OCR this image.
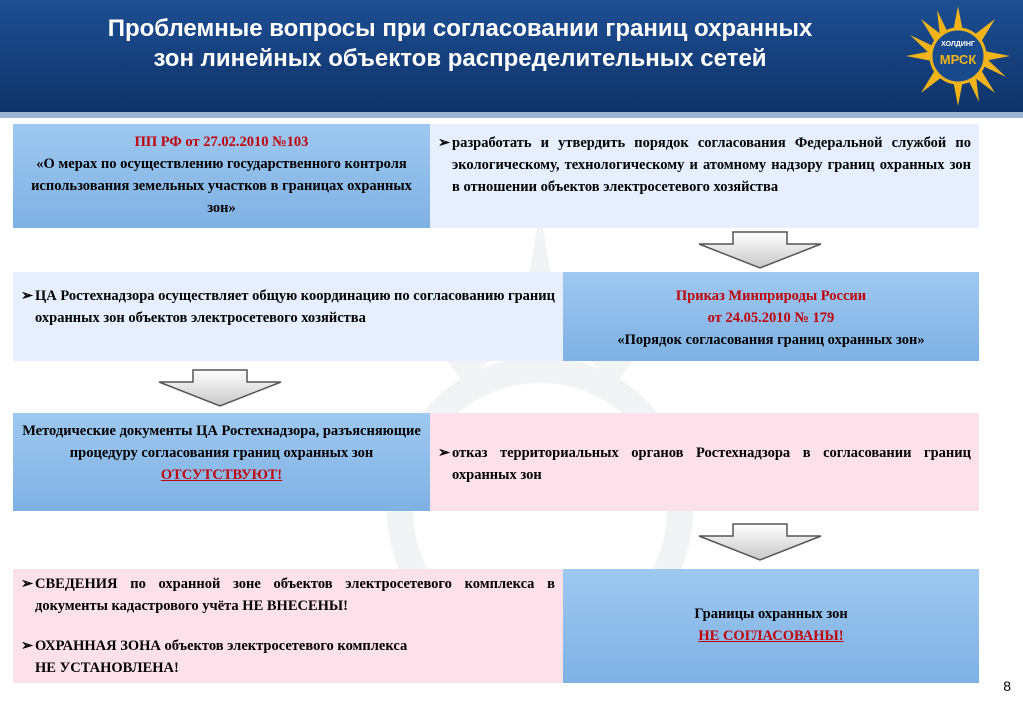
Проблемные вопросы при согласовании границ охранных
зон линейных объектов распределительных сетей
ХОЛДИНГ
МРСК
ПП РФ от 27.02.2010 №103
«О мерах по осуществлению государственного контроля использования земельных участков в границах охранных зон»
➢ разработать и утвердить порядок согласования Федеральной службой по экологическому, технологическому и атомному надзору границ охранных зон в отношении объектов электросетевого хозяйства
➢ ЦА Ростехнадзора осуществляет общую координацию по согласованию границ охранных зон объектов электросетевого хозяйства
Приказ Минприроды России
от 24.05.2010 № 179
«Порядок согласования границ охранных зон»
Методические документы ЦА Ростехнадзора, разъясняющие процедуру согласования границ охранных зон
ОТСУТСТВУЮТ!
➢ отказ территориальных органов Ростехнадзора в согласовании границ охранных зон
➢ СВЕДЕНИЯ по охранной зоне объектов электросетевого комплекса в документы кадастрового учёта НЕ ВНЕСЕНЫ!
➢ ОХРАННАЯ ЗОНА объектов электросетевого комплекса
НЕ УСТАНОВЛЕНА!
Границы охранных зон
НЕ СОГЛАСОВАНЫ!
8
